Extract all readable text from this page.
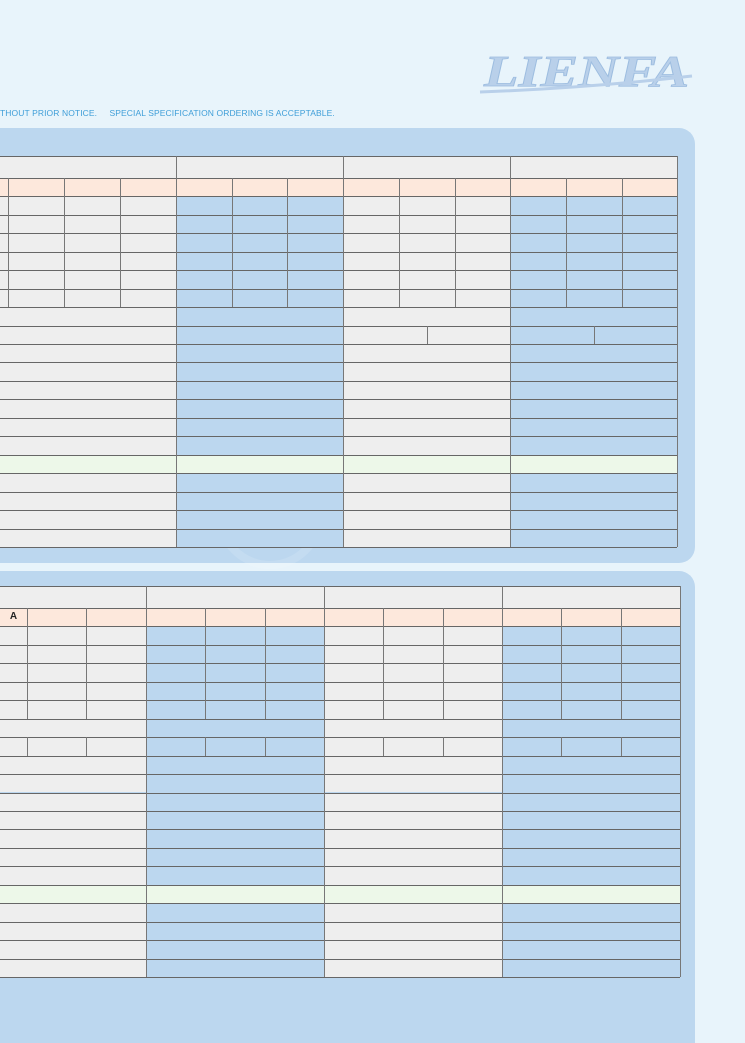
LIENFA
THOUT PRIOR NOTICE.     SPECIAL SPECIFICATION ORDERING IS ACCEPTABLE.
A
